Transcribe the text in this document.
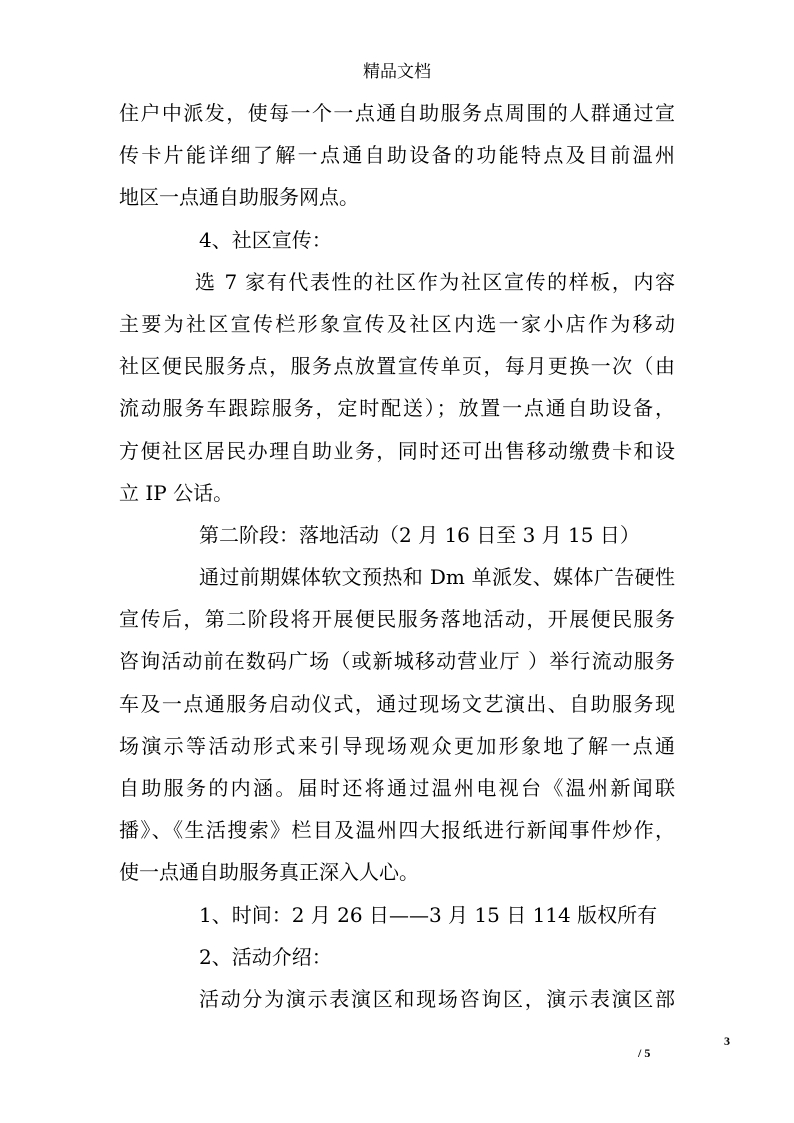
精品文档
住户中派发，使每一个一点通自助服务点周围的人群通过宣
传卡片能详细了解一点通自助设备的功能特点及目前温州
地区一点通自助服务网点。
4、社区宣传：
选 7 家有代表性的社区作为社区宣传的样板，内容
主要为社区宣传栏形象宣传及社区内选一家小店作为移动
社区便民服务点，服务点放置宣传单页，每月更换一次（由
流动服务车跟踪服务，定时配送）；放置一点通自助设备，
方便社区居民办理自助业务，同时还可出售移动缴费卡和设
立 IP 公话。
第二阶段：落地活动（2 月 16 日至 3 月 15 日）
通过前期媒体软文预热和 Dm 单派发、媒体广告硬性
宣传后，第二阶段将开展便民服务落地活动，开展便民服务
咨询活动前在数码广场（或新城移动营业厅 ）举行流动服务
车及一点通服务启动仪式，通过现场文艺演出、自助服务现
场演示等活动形式来引导现场观众更加形象地了解一点通
自助服务的内涵。届时还将通过温州电视台《温州新闻联
播》、《生活搜索》栏目及温州四大报纸进行新闻事件炒作，
使一点通自助服务真正深入人心。
1、时间：2 月 26 日——3 月 15 日 114 版权所有
2、活动介绍：
活动分为演示表演区和现场咨询区，演示表演区部
3
/ 5
